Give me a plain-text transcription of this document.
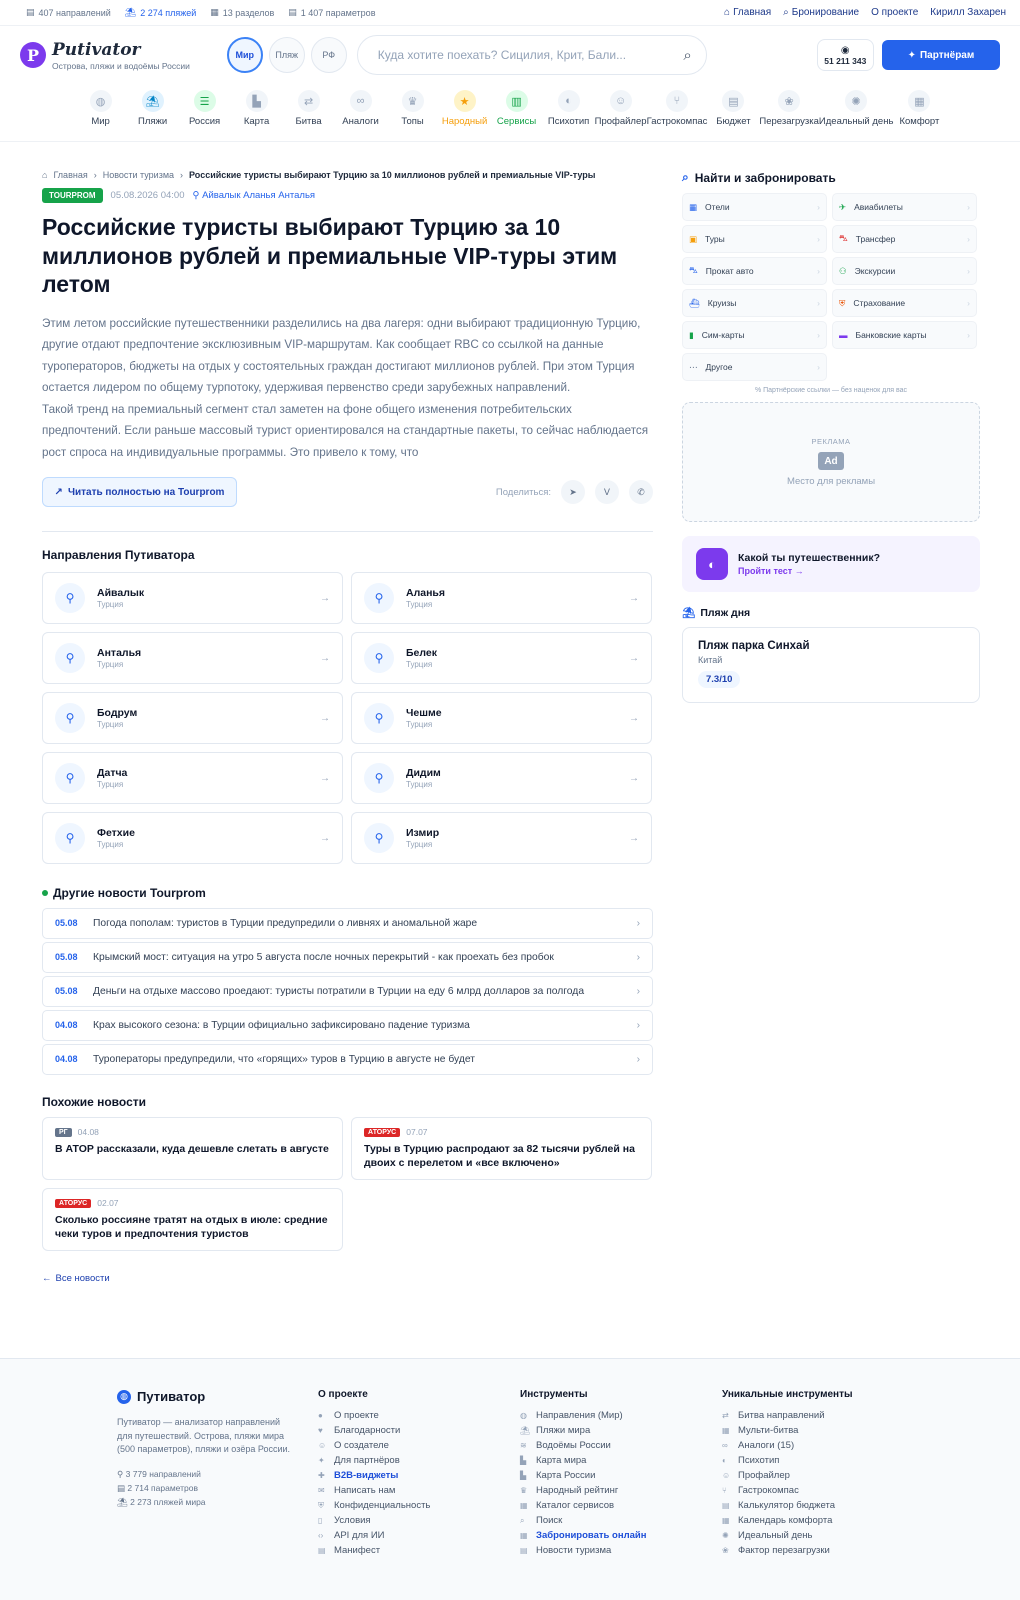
▤ 407 направлений ⛱ 2 274 пляжей ▦ 13 разделов ▤ 1 407 параметров	⌂ Главная ⌕ Бронирование О проекте Кирилл Захарен
P Putivator
Острова, пляжи и водоёмы России
Мир	Пляж	РФ	Куда хотите поехать? Сицилия, Крит, Бали...	⌕	◉
51 211 343	✦ Партнёрам
◍
Мир
⛱
Пляжи
☰
Россия
▙
Карта
⇄
Битва
∞
Аналоги
♛
Топы
★
Народный
▥
Сервисы
◐
Психотип
☺
Профайлер
⑂
Гастрокомпас
▤
Бюджет
❀
Перезагрузка
✺
Идеальный день
▦
Комфорт
⌂ Главная › Новости туризма › Российские туристы выбирают Турцию за 10 миллионов рублей и премиальные VIP-туры
TOURPROM	05.08.2026 04:00 ⚲ Айвалык Аланья Анталья
Российские туристы выбирают Турцию за 10 миллионов рублей и премиальные VIP-туры этим летом
Этим летом российские путешественники разделились на два лагеря: одни выбирают традиционную Турцию, другие отдают предпочтение эксклюзивным VIP-маршрутам. Как сообщает RBC со ссылкой на данные туроператоров, бюджеты на отдых у состоятельных граждан достигают миллионов рублей. При этом Турция остается лидером по общему турпотоку, удерживая первенство среди зарубежных направлений.
Такой тренд на премиальный сегмент стал заметен на фоне общего изменения потребительских предпочтений. Если раньше массовый турист ориентировался на стандартные пакеты, то сейчас наблюдается рост спроса на индивидуальные программы. Это привело к тому, что
↗ Читать полностью на Tourprom	Поделиться:	➤	ᐯ	✆
Направления Путиватора
⚲	Айвалык
Турция
→	⚲	Аланья
Турция
→
⚲	Анталья
Турция
→	⚲	Белек
Турция
→
⚲	Бодрум
Турция
→	⚲	Чешме
Турция
→
⚲	Датча
Турция
→	⚲	Дидим
Турция
→
⚲	Фетхие
Турция
→	⚲	Измир
Турция
→
Другие новости Tourprom
05.08 Погода пополам: туристов в Турции предупредили о ливнях и аномальной жаре	›
05.08 Крымский мост: ситуация на утро 5 августа после ночных перекрытий - как проехать без пробок	›
05.08 Деньги на отдыхе массово проедают: туристы потратили в Турции на еду 6 млрд долларов за полгода	›
04.08 Крах высокого сезона: в Турции официально зафиксировано падение туризма	›
04.08 Туроператоры предупредили, что «горящих» туров в Турцию в августе не будет	›
Похожие новости
РГ	04.08
В АТОР рассказали, куда дешевле слетать в августе
АТОРУС	07.07
Туры в Турцию распродают за 82 тысячи рублей на двоих с перелетом и «все включено»
АТОРУС	02.07
Сколько россияне тратят на отдых в июле: средние чеки туров и предпочтения туристов
← Все новости
⌕ Найти и забронировать
▦ Отели	› ✈ Авиабилеты	›
▣ Туры	› ⛍ Трансфер	›
⛍ Прокат авто	› ⚇ Экскурсии	›
⛴ Круизы	› ⛨ Страхование	›
▮ Сим-карты	› ▬ Банковские карты	›
⋯ Другое	›
% Партнёрские ссылки — без наценок для вас
РЕКЛАМА
Ad
Место для рекламы
◐	Какой ты путешественник?
Пройти тест →
⛱ Пляж дня
Пляж парка Синхай
Китай
7.3/10
◍ Путиватор
Путиватор — анализатор направлений для путешествий. Острова, пляжи мира (500 параметров), пляжи и озёра России.
⚲ 3 779 направлений
▤ 2 714 параметров
⛱ 2 273 пляжей мира
О проекте
●	О проекте
♥	Благодарности
☺ О создателе
✦ Для партнёров
✚ B2B-виджеты
✉ Написать нам
⛨	Конфиденциальность
▯	Условия
‹›	API для ИИ
▤ Манифест
Инструменты
◍ Направления (Мир)
⛱ Пляжи мира
≋ Водоёмы России
▙	Карта мира
▙	Карта России
♛ Народный рейтинг
▦ Каталог сервисов
⌕	Поиск
▦ Забронировать онлайн
▤ Новости туризма
Уникальные инструменты
⇄ Битва направлений
▦ Мульти-битва
∞	Аналоги (15)
◐	Психотип
☺ Профайлер
⑂	Гастрокомпас
▤ Калькулятор бюджета
▦ Календарь комфорта
✺ Идеальный день
❀ Фактор перезагрузки
